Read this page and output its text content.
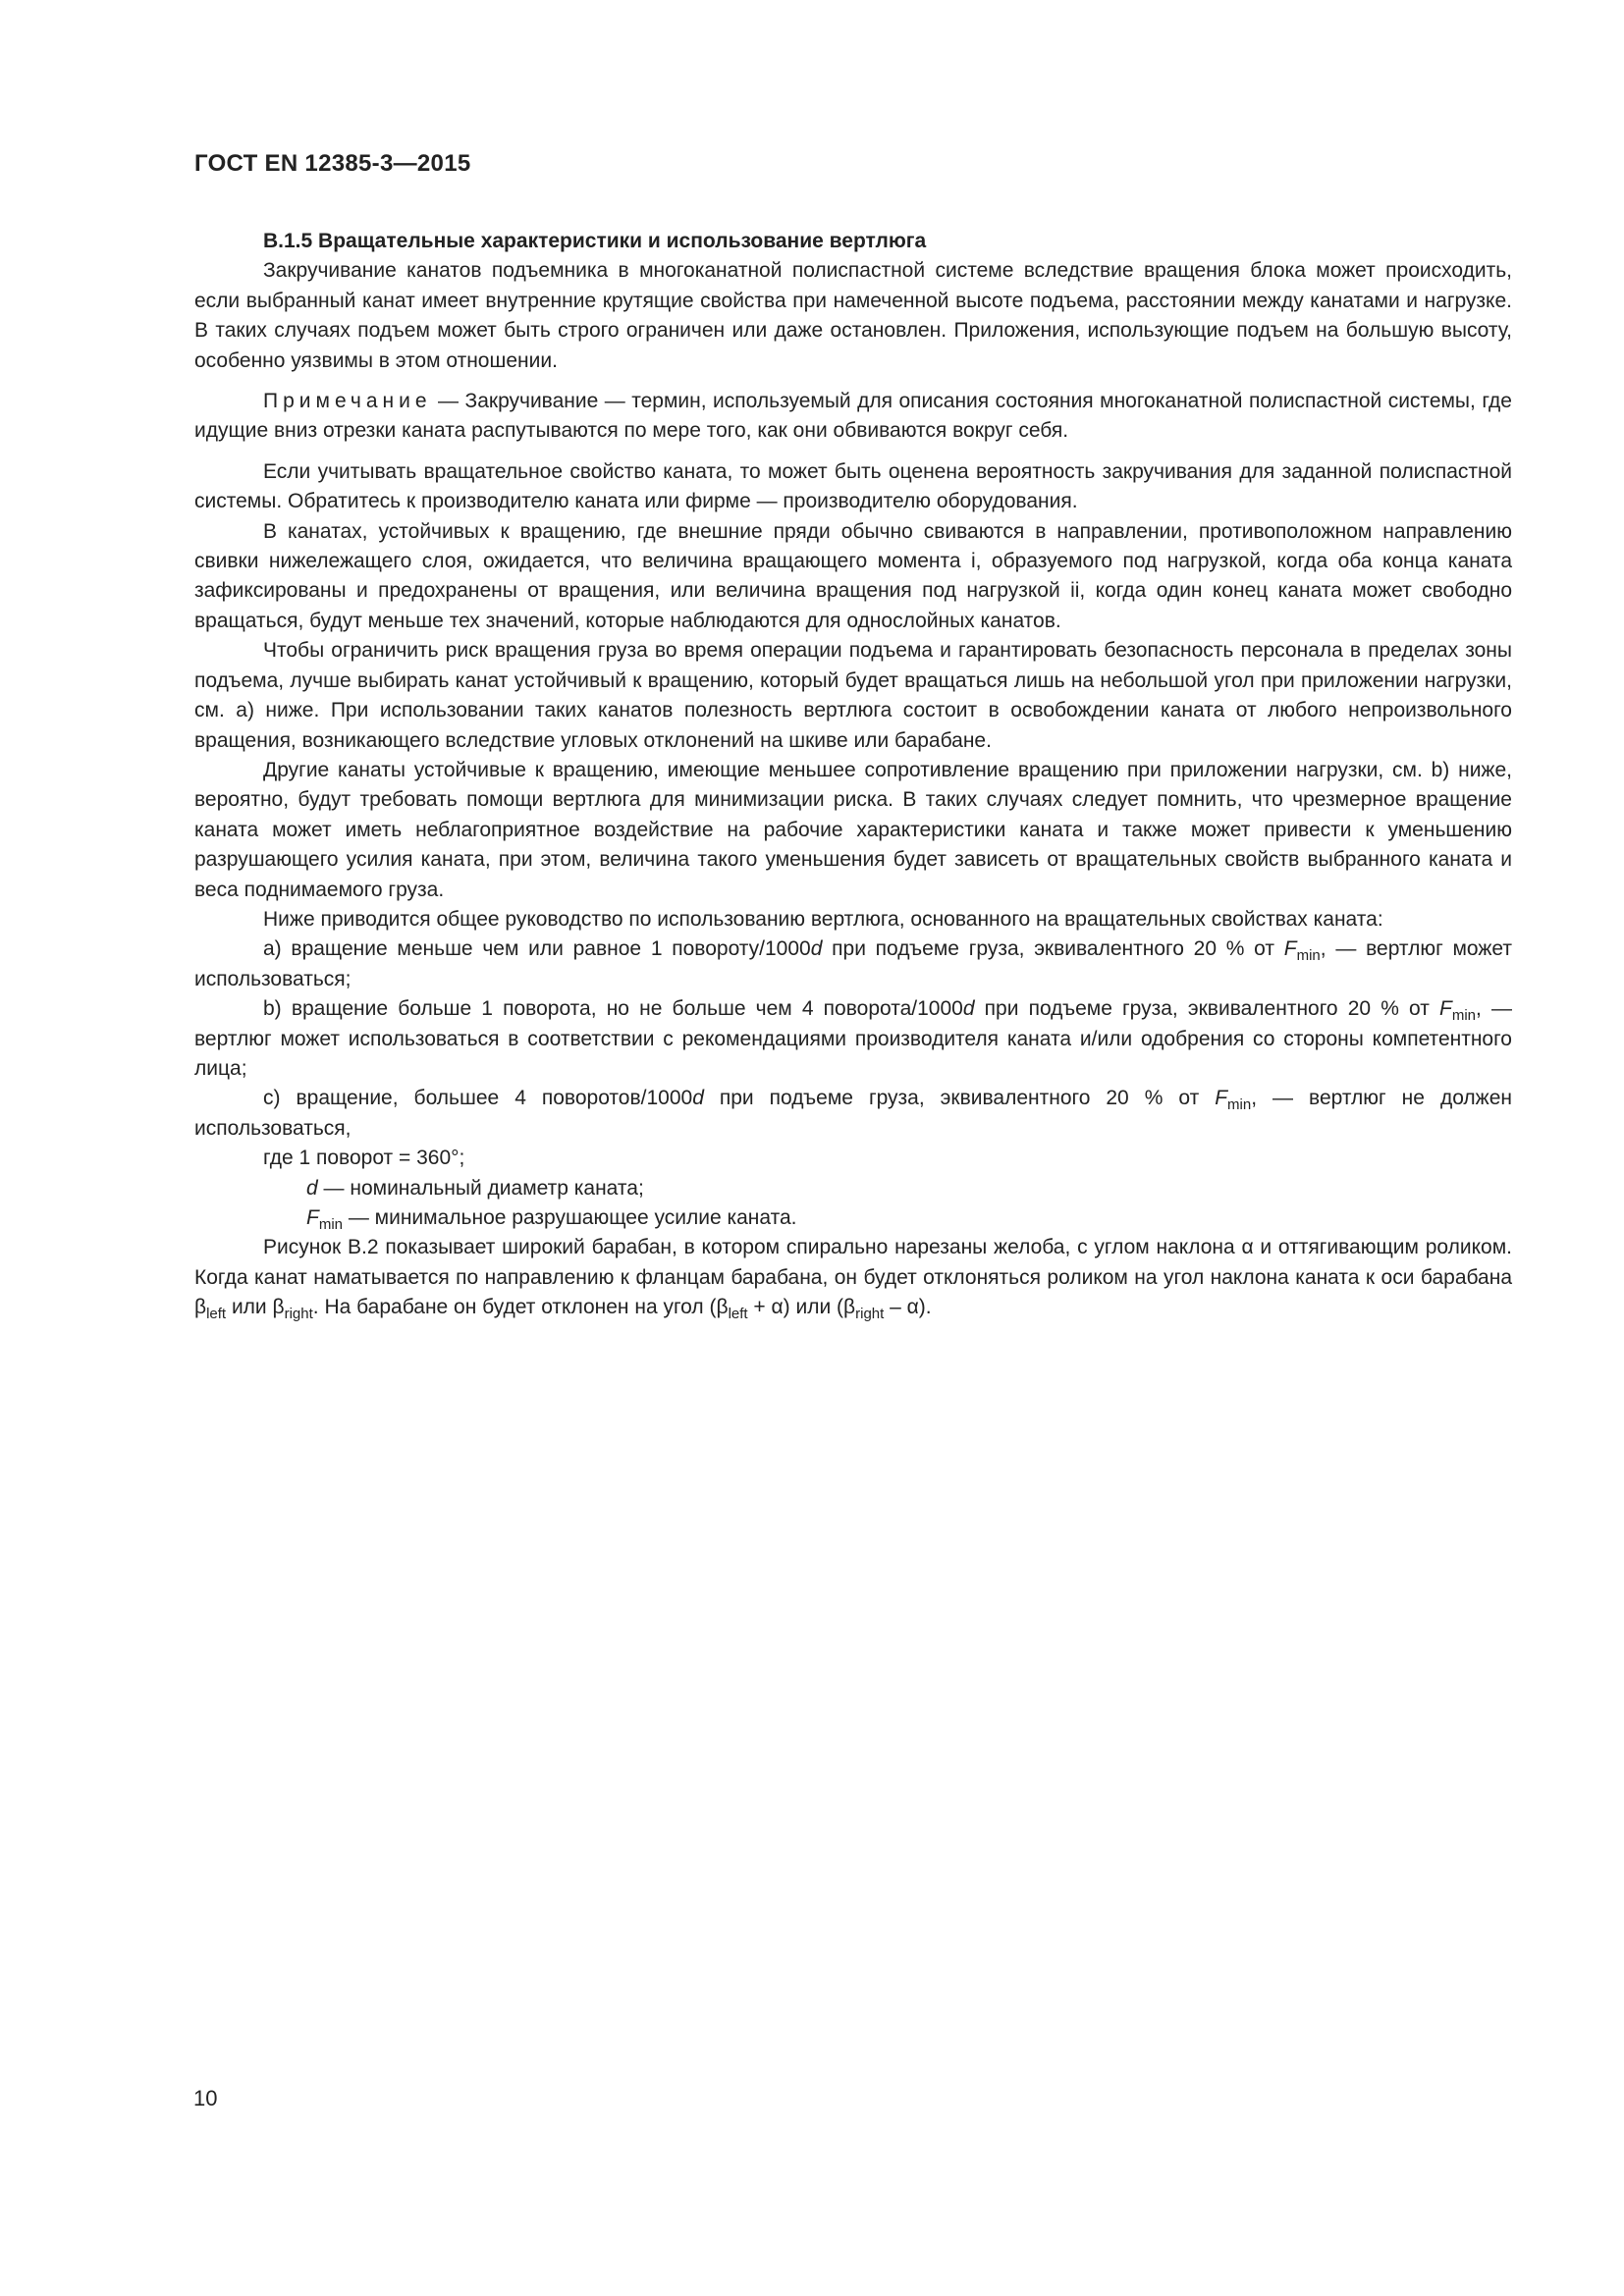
ГОСТ EN 12385-3—2015

B.1.5 Вращательные характеристики и использование вертлюга

Закручивание канатов подъемника в многоканатной полиспастной системе вследствие вращения блока может происходить, если выбранный канат имеет внутренние крутящие свойства при намеченной высоте подъема, расстоянии между канатами и нагрузке. В таких случаях подъем может быть строго ограничен или даже остановлен. Приложения, использующие подъем на большую высоту, особенно уязвимы в этом отношении.

Примечание — Закручивание — термин, используемый для описания состояния многоканатной полиспастной системы, где идущие вниз отрезки каната распутываются по мере того, как они обвиваются вокруг себя.

Если учитывать вращательное свойство каната, то может быть оценена вероятность закручивания для заданной полиспастной системы. Обратитесь к производителю каната или фирме — производителю оборудования.

В канатах, устойчивых к вращению, где внешние пряди обычно свиваются в направлении, противоположном направлению свивки нижележащего слоя, ожидается, что величина вращающего момента i, образуемого под нагрузкой, когда оба конца каната зафиксированы и предохранены от вращения, или величина вращения под нагрузкой ii, когда один конец каната может свободно вращаться, будут меньше тех значений, которые наблюдаются для однослойных канатов.

Чтобы ограничить риск вращения груза во время операции подъема и гарантировать безопасность персонала в пределах зоны подъема, лучше выбирать канат устойчивый к вращению, который будет вращаться лишь на небольшой угол при приложении нагрузки, см. a) ниже. При использовании таких канатов полезность вертлюга состоит в освобождении каната от любого непроизвольного вращения, возникающего вследствие угловых отклонений на шкиве или барабане.

Другие канаты устойчивые к вращению, имеющие меньшее сопротивление вращению при приложении нагрузки, см. b) ниже, вероятно, будут требовать помощи вертлюга для минимизации риска. В таких случаях следует помнить, что чрезмерное вращение каната может иметь неблагоприятное воздействие на рабочие характеристики каната и также может привести к уменьшению разрушающего усилия каната, при этом, величина такого уменьшения будет зависеть от вращательных свойств выбранного каната и веса поднимаемого груза.

Ниже приводится общее руководство по использованию вертлюга, основанного на вращательных свойствах каната:

a) вращение меньше чем или равное 1 повороту/1000d при подъеме груза, эквивалентного 20 % от $F_{min}$, — вертлюг может использоваться;

b) вращение больше 1 поворота, но не больше чем 4 поворота/1000d при подъеме груза, эквивалентного 20 % от $F_{min}$, — вертлюг может использоваться в соответствии с рекомендациями производителя каната и/или одобрения со стороны компетентного лица;

c) вращение, большее 4 поворотов/1000d при подъеме груза, эквивалентного 20 % от $F_{min}$, — вертлюг не должен использоваться,

где 1 поворот = 360°;

d — номинальный диаметр каната;

$F_{min}$ — минимальное разрушающее усилие каната.

Рисунок B.2 показывает широкий барабан, в котором спирально нарезаны желоба, с углом наклона α и оттягивающим роликом. Когда канат наматывается по направлению к фланцам барабана, он будет отклоняться роликом на угол наклона каната к оси барабана $\beta_{left}$ или $\beta_{right}$. На барабане он будет отклонен на угол $(\beta_{left} + \alpha)$ или $(\beta_{right} - \alpha)$.

10
